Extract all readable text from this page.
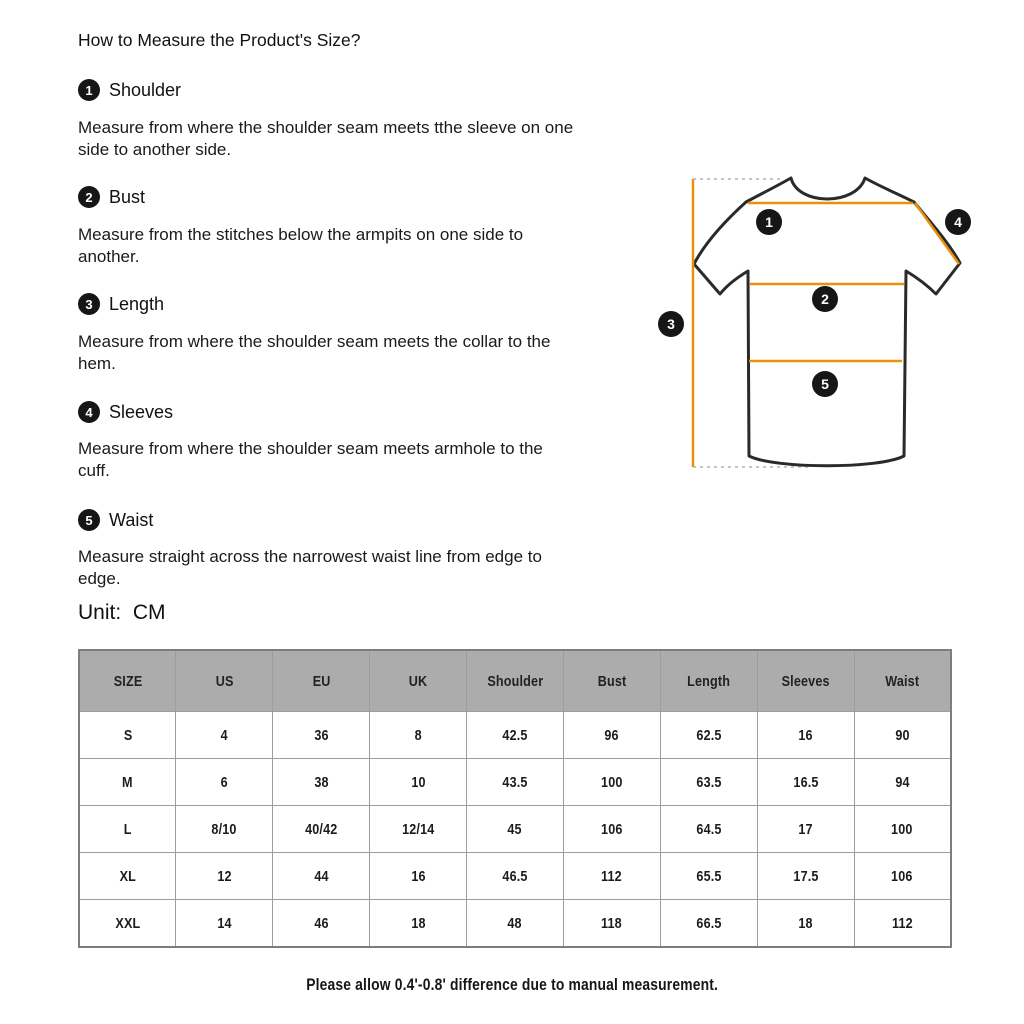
How to Measure the Product's Size?
1 Shoulder

Measure from where the shoulder seam meets tthe sleeve on one side to another side.

2 Bust

Measure from the stitches below the armpits on one side to another.

3 Length

Measure from where the shoulder seam meets the collar to the hem.

4 Sleeves

Measure from where the shoulder seam meets armhole to the cuff.

5 Waist

Measure straight across the narrowest waist line from edge to edge.

Unit:  CM
1
2
3
4
5
SIZE	US	EU	UK	Shoulder	Bust	Length	Sleeves	Waist
S	4	36	8	42.5	96	62.5	16	90
M	6	38	10	43.5	100	63.5	16.5	94
L	8/10	40/42	12/14	45	106	64.5	17	100
XL	12	44	16	46.5	112	65.5	17.5	106
XXL	14	46	18	48	118	66.5	18	112
Please allow 0.4'-0.8' difference due to manual measurement.
